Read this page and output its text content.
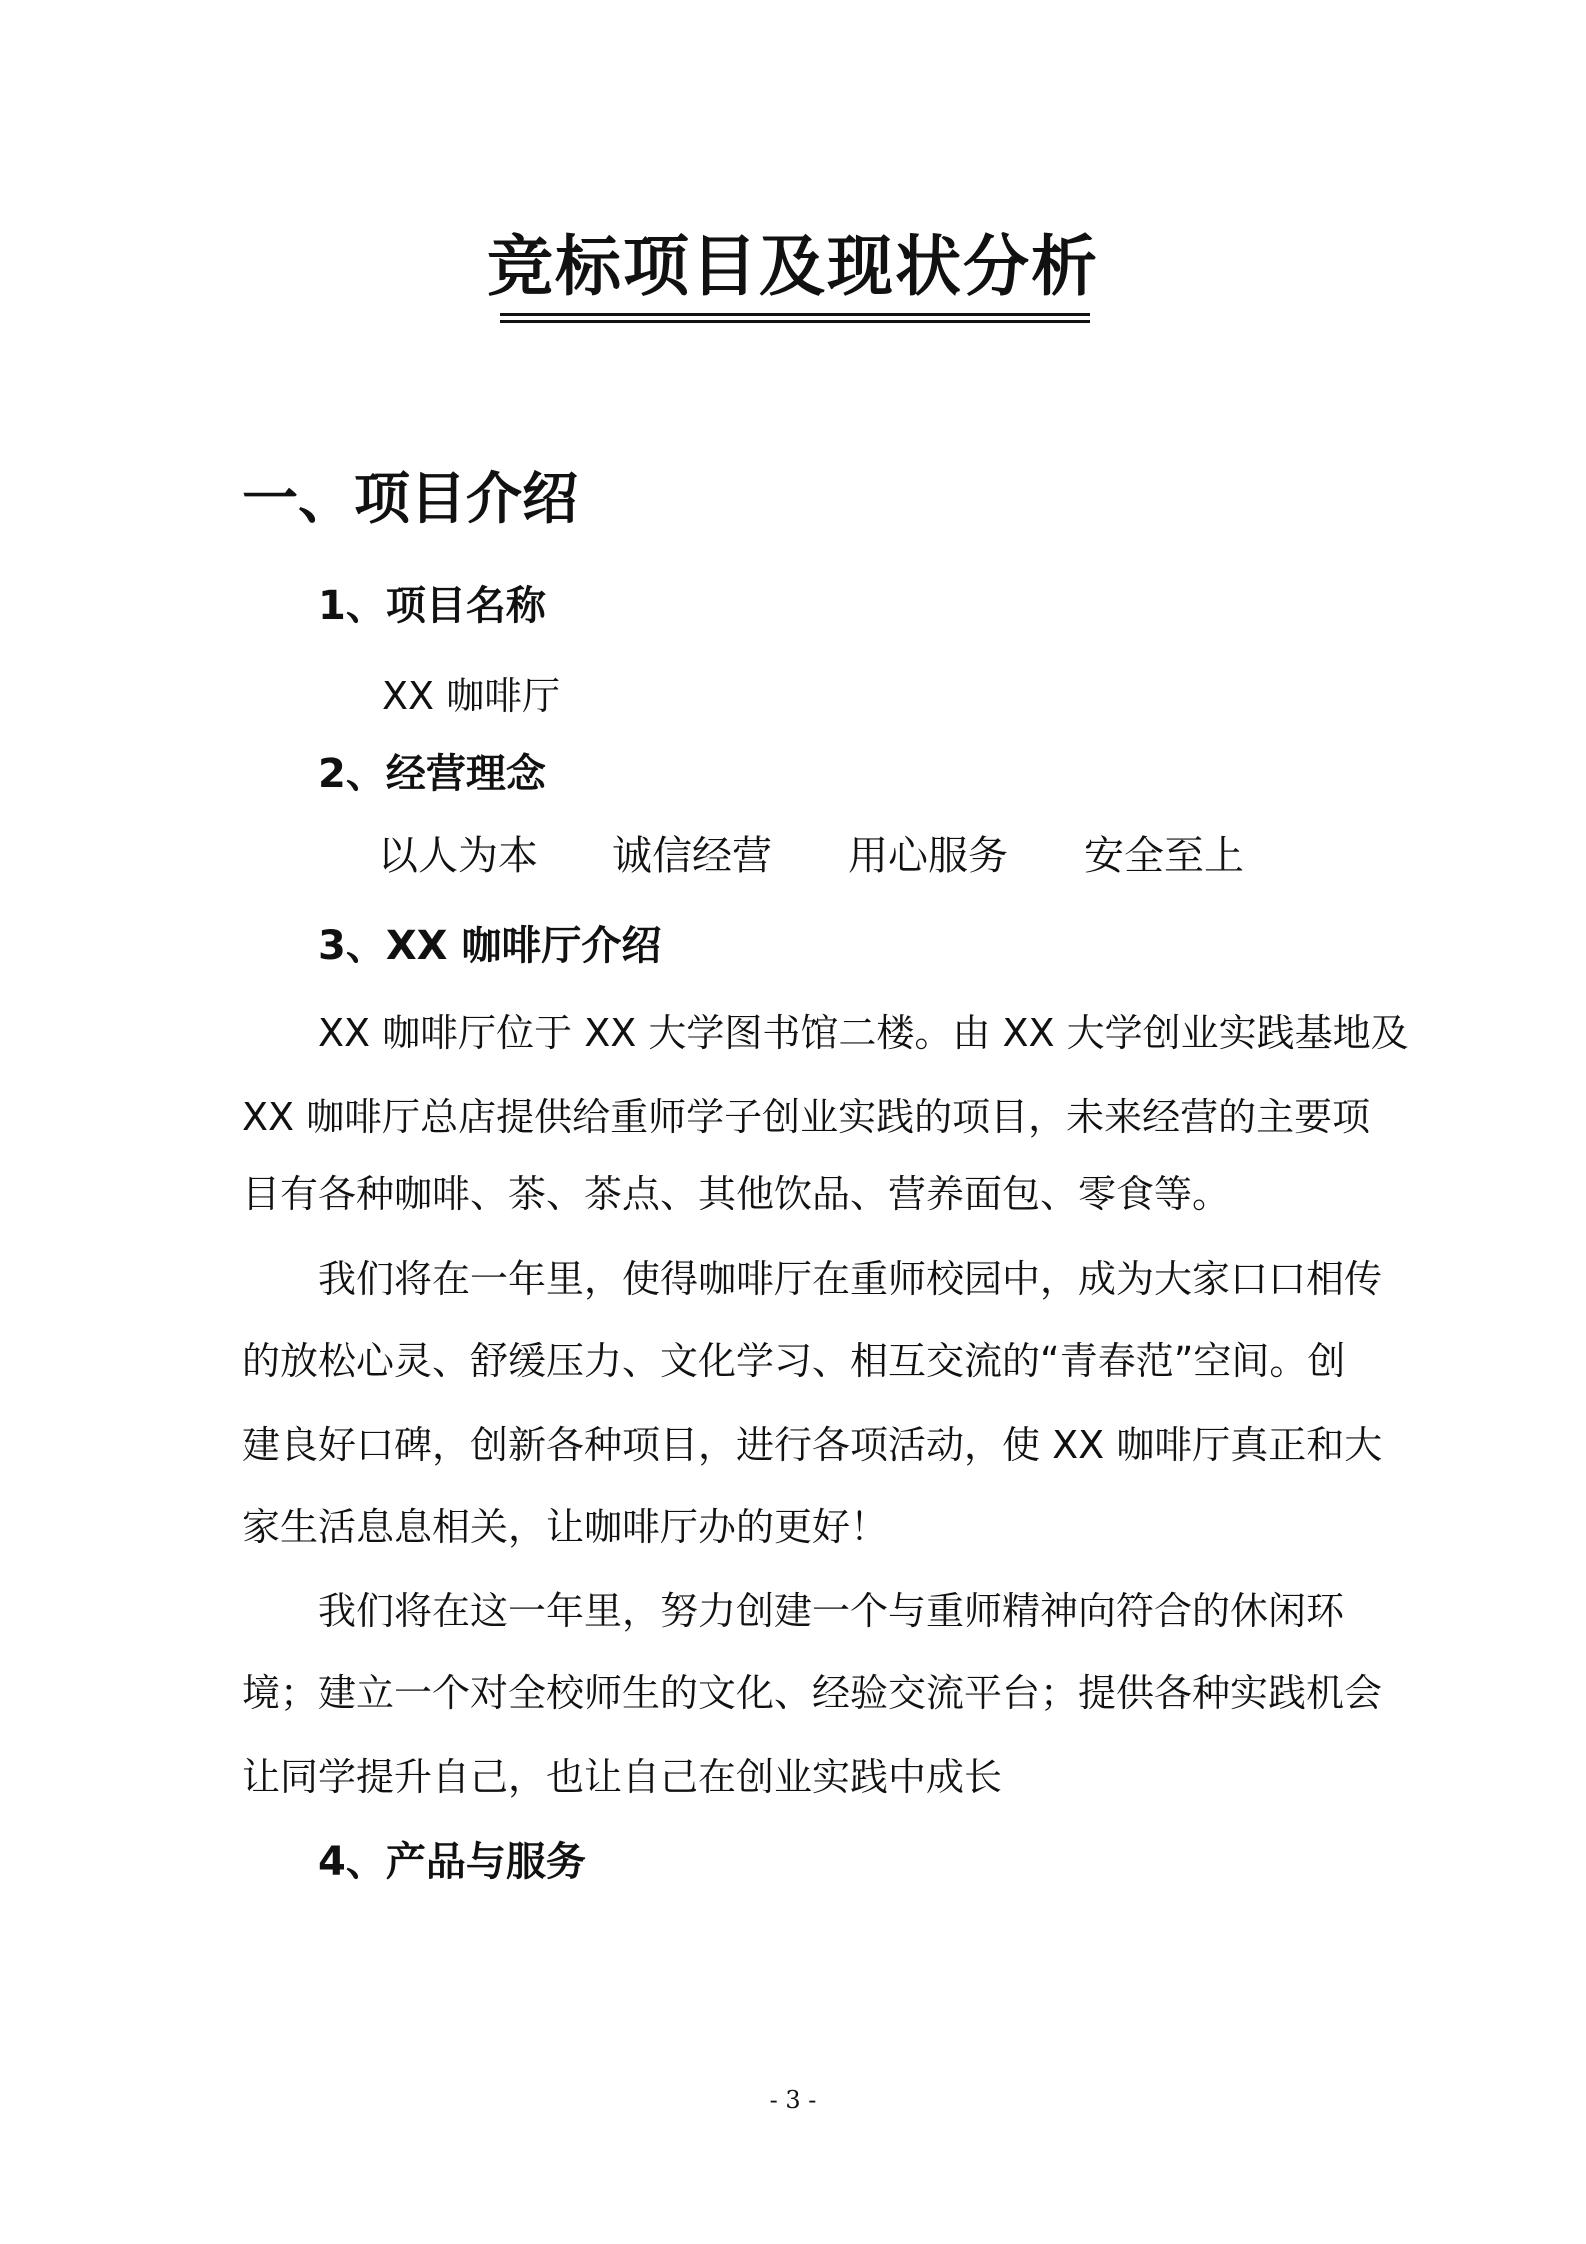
竞标项目及现状分析
一、项目介绍
1、项目名称
XX 咖啡厅
2、经营理念
以人为本 诚信经营 用心服务 安全至上
3、XX 咖啡厅介绍
XX 咖啡厅位于 XX 大学图书馆二楼。由 XX 大学创业实践基地及
XX 咖啡厅总店提供给重师学子创业实践的项目，未来经营的主要项
目有各种咖啡、茶、茶点、其他饮品、营养面包、零食等。
我们将在一年里，使得咖啡厅在重师校园中，成为大家口口相传
的放松心灵、舒缓压力、文化学习、相互交流的“青春范”空间。创
建良好口碑，创新各种项目，进行各项活动，使 XX 咖啡厅真正和大
家生活息息相关，让咖啡厅办的更好！
我们将在这一年里，努力创建一个与重师精神向符合的休闲环
境；建立一个对全校师生的文化、经验交流平台；提供各种实践机会
让同学提升自己，也让自己在创业实践中成长
4、产品与服务
- 3 -
